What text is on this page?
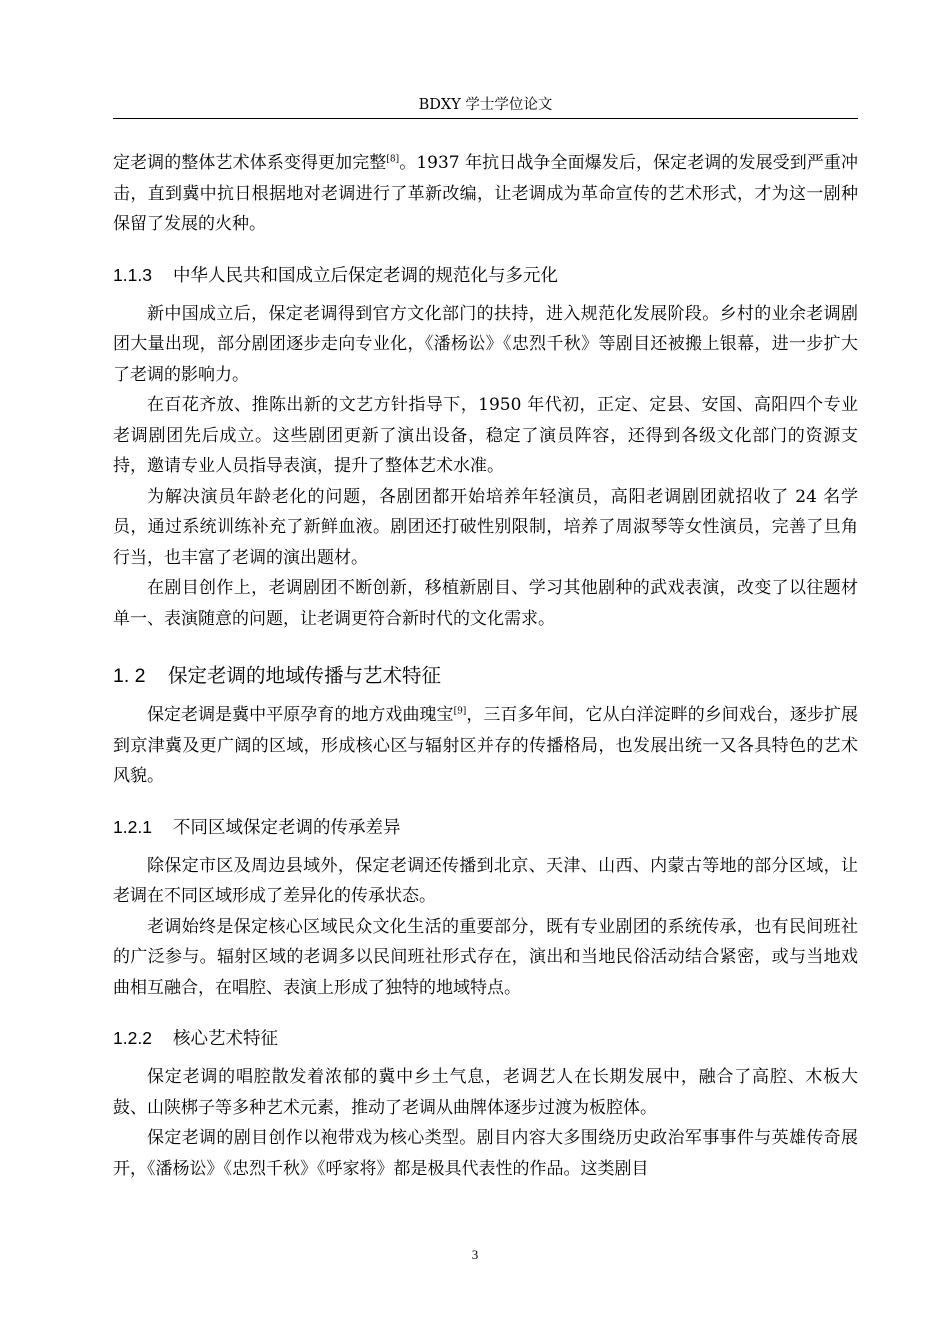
BDXY 学士学位论文

定老调的整体艺术体系变得更加完整[8]。1937 年抗日战争全面爆发后，保定老调的发展受到严重冲击，直到冀中抗日根据地对老调进行了革新改编，让老调成为革命宣传的艺术形式，才为这一剧种保留了发展的火种。

1.1.3 中华人民共和国成立后保定老调的规范化与多元化

新中国成立后，保定老调得到官方文化部门的扶持，进入规范化发展阶段。乡村的业余老调剧团大量出现，部分剧团逐步走向专业化，《潘杨讼》《忠烈千秋》等剧目还被搬上银幕，进一步扩大了老调的影响力。

在百花齐放、推陈出新的文艺方针指导下，1950 年代初，正定、定县、安国、高阳四个专业老调剧团先后成立。这些剧团更新了演出设备，稳定了演员阵容，还得到各级文化部门的资源支持，邀请专业人员指导表演，提升了整体艺术水准。

为解决演员年龄老化的问题，各剧团都开始培养年轻演员，高阳老调剧团就招收了 24 名学员，通过系统训练补充了新鲜血液。剧团还打破性别限制，培养了周淑琴等女性演员，完善了旦角行当，也丰富了老调的演出题材。

在剧目创作上，老调剧团不断创新，移植新剧目、学习其他剧种的武戏表演，改变了以往题材单一、表演随意的问题，让老调更符合新时代的文化需求。

1. 2 保定老调的地域传播与艺术特征

保定老调是冀中平原孕育的地方戏曲瑰宝[9]，三百多年间，它从白洋淀畔的乡间戏台，逐步扩展到京津冀及更广阔的区域，形成核心区与辐射区并存的传播格局，也发展出统一又各具特色的艺术风貌。

1.2.1 不同区域保定老调的传承差异

除保定市区及周边县域外，保定老调还传播到北京、天津、山西、内蒙古等地的部分区域，让老调在不同区域形成了差异化的传承状态。

老调始终是保定核心区域民众文化生活的重要部分，既有专业剧团的系统传承，也有民间班社的广泛参与。辐射区域的老调多以民间班社形式存在，演出和当地民俗活动结合紧密，或与当地戏曲相互融合，在唱腔、表演上形成了独特的地域特点。

1.2.2 核心艺术特征

保定老调的唱腔散发着浓郁的冀中乡土气息，老调艺人在长期发展中，融合了高腔、木板大鼓、山陕梆子等多种艺术元素，推动了老调从曲牌体逐步过渡为板腔体。

保定老调的剧目创作以袍带戏为核心类型。剧目内容大多围绕历史政治军事事件与英雄传奇展开，《潘杨讼》《忠烈千秋》《呼家将》都是极具代表性的作品。这类剧目

3
